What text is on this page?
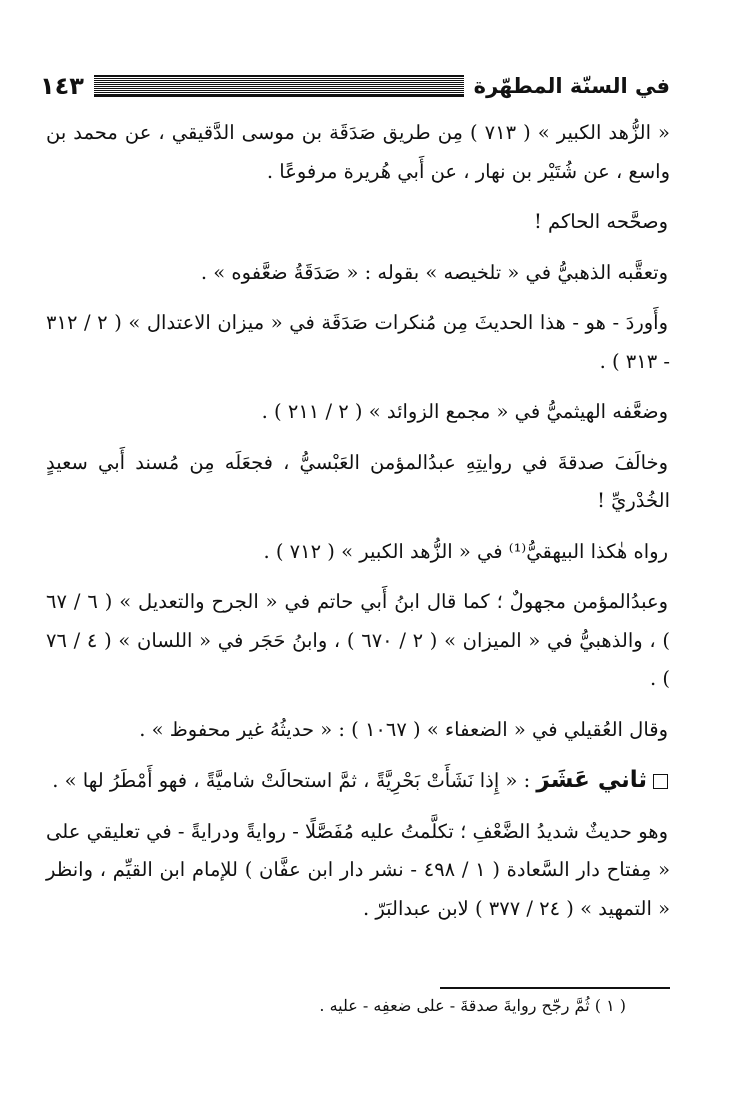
في السنّة المطهّرة
١٤٣

« الزُّهد الكبير » ( ٧١٣ ) مِن طريق صَدَقَة بن موسى الدَّقيقي ، عن محمد بن واسع ، عن شُتَيْر بن نهار ، عن أَبي هُريرة مرفوعًا .

وصحَّحه الحاكم !

وتعقَّبه الذهبيُّ في « تلخيصه » بقوله : « صَدَقَةُ ضعَّفوه » .

وأَوردَ - هو - هذا الحديثَ مِن مُنكرات صَدَقَة في « ميزان الاعتدال » ( ٢ / ٣١٢ - ٣١٣ ) .

وضعَّفه الهيثميُّ في « مجمع الزوائد » ( ٢ / ٢١١ ) .

وخالَفَ صدقةَ في روايتِهِ عبدُالمؤمن العَبْسيُّ ، فجعَلَه مِن مُسند أَبي سعيدٍ الخُدْريِّ !

رواه هٰكذا البيهقيُّ⁽¹⁾ في « الزُّهد الكبير » ( ٧١٢ ) .

وعبدُالمؤمن مجهولٌ ؛ كما قال ابنُ أَبي حاتم في « الجرح والتعديل » ( ٦ / ٦٧ ) ، والذهبيُّ في « الميزان » ( ٢ / ٦٧٠ ) ، وابنُ حَجَر في « اللسان » ( ٤ / ٧٦ ) .

وقال العُقيلي في « الضعفاء » ( ١٠٦٧ ) : « حديثُهُ غير محفوظ » .

ثاني عَشَرَ : « إِذا نَشَأَتْ بَحْرِيَّةً ، ثمَّ استحالَتْ شاميَّةً ، فهو أَمْطَرُ لها » .

وهو حديثٌ شديدُ الضَّعْفِ ؛ تكلَّمتُ عليه مُفَصَّلًا - روايةً ودرايةً - في تعليقي على « مِفتاح دار السَّعادة ( ١ / ٤٩٨ - نشر دار ابن عفَّان ) للإمام ابن القيِّم ، وانظر « التمهيد » ( ٢٤ / ٣٧٧ ) لابن عبدالبَرّ .

( ١ ) ثُمَّ رجّح روايةَ صدقةَ - على ضعفِه - عليه .
